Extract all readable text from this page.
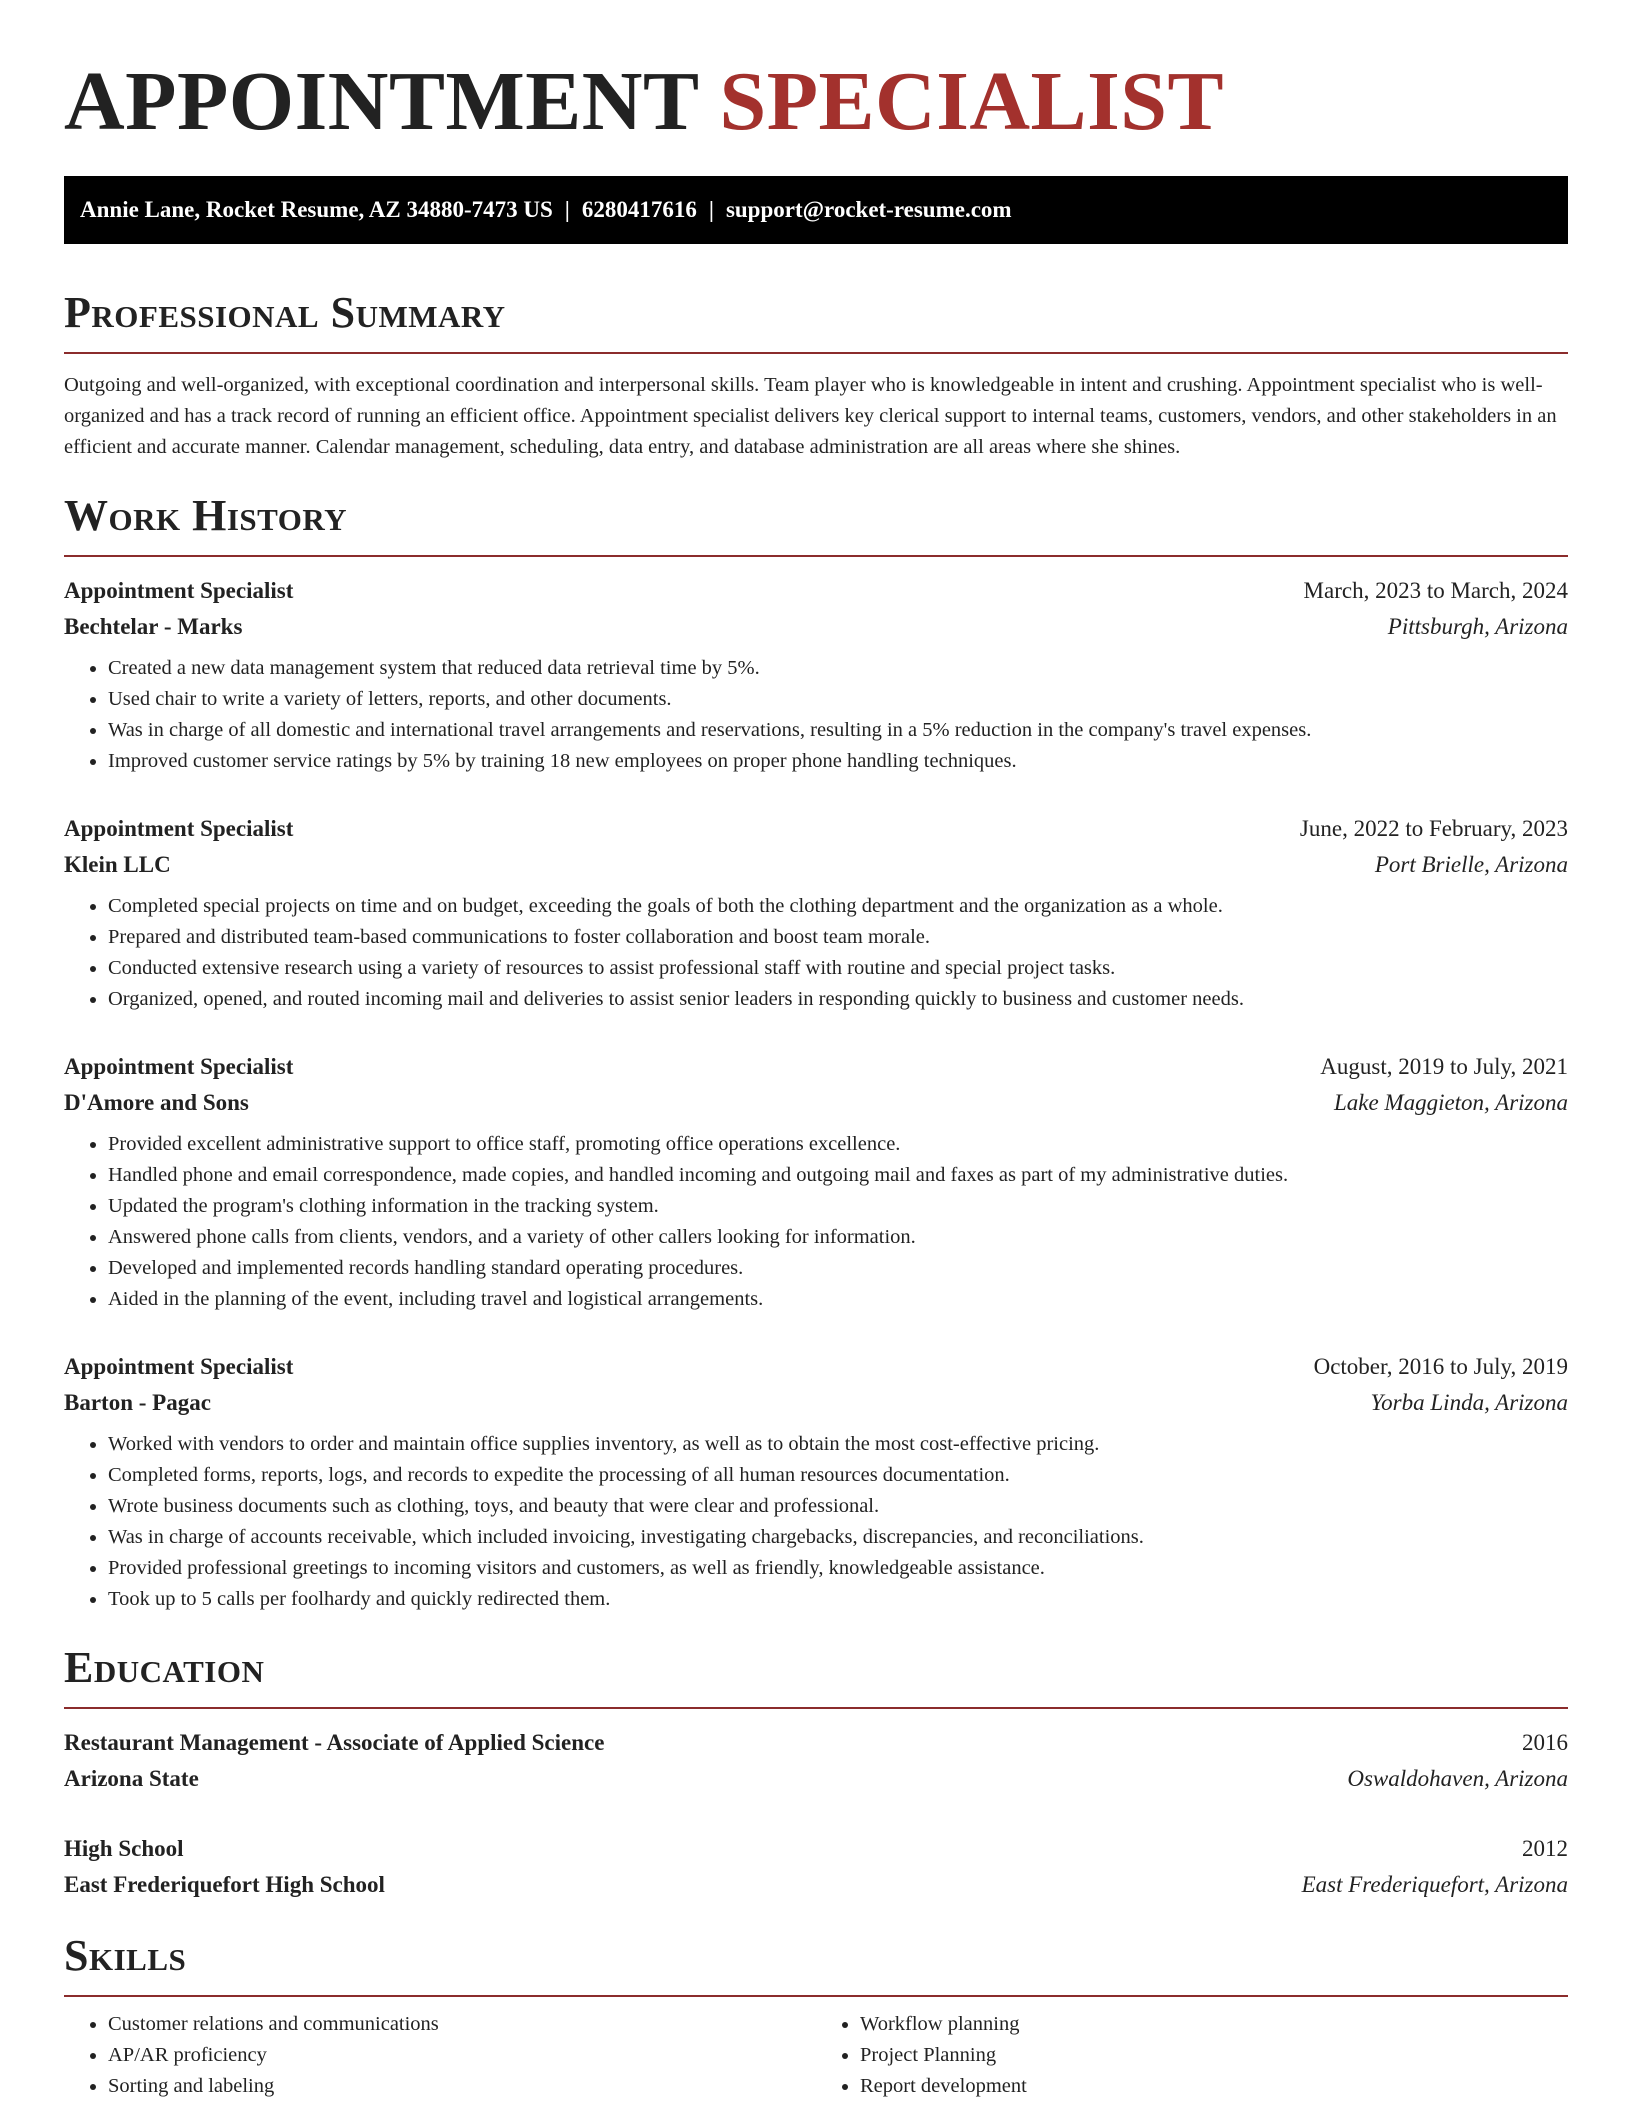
APPOINTMENT SPECIALIST
Annie Lane, Rocket Resume, AZ 34880-7473 US | 6280417616 | support@rocket-resume.com
Professional Summary

Outgoing and well-organized, with exceptional coordination and interpersonal skills. Team player who is knowledgeable in intent and crushing. Appointment specialist who is well-organized and has a track record of running an efficient office. Appointment specialist delivers key clerical support to internal teams, customers, vendors, and other stakeholders in an efficient and accurate manner. Calendar management, scheduling, data entry, and database administration are all areas where she shines.

Work History
Appointment Specialist	March, 2023 to March, 2024
Bechtelar - Marks	Pittsburgh, Arizona
• Created a new data management system that reduced data retrieval time by 5%.
• Used chair to write a variety of letters, reports, and other documents.
• Was in charge of all domestic and international travel arrangements and reservations, resulting in a 5% reduction in the company's travel expenses.
• Improved customer service ratings by 5% by training 18 new employees on proper phone handling techniques.
Appointment Specialist	June, 2022 to February, 2023
Klein LLC	Port Brielle, Arizona
• Completed special projects on time and on budget, exceeding the goals of both the clothing department and the organization as a whole.
• Prepared and distributed team-based communications to foster collaboration and boost team morale.
• Conducted extensive research using a variety of resources to assist professional staff with routine and special project tasks.
• Organized, opened, and routed incoming mail and deliveries to assist senior leaders in responding quickly to business and customer needs.
Appointment Specialist	August, 2019 to July, 2021
D'Amore and Sons	Lake Maggieton, Arizona
• Provided excellent administrative support to office staff, promoting office operations excellence.
• Handled phone and email correspondence, made copies, and handled incoming and outgoing mail and faxes as part of my administrative duties.
• Updated the program's clothing information in the tracking system.
• Answered phone calls from clients, vendors, and a variety of other callers looking for information.
• Developed and implemented records handling standard operating procedures.
• Aided in the planning of the event, including travel and logistical arrangements.
Appointment Specialist	October, 2016 to July, 2019
Barton - Pagac	Yorba Linda, Arizona
• Worked with vendors to order and maintain office supplies inventory, as well as to obtain the most cost-effective pricing.
• Completed forms, reports, logs, and records to expedite the processing of all human resources documentation.
• Wrote business documents such as clothing, toys, and beauty that were clear and professional.
• Was in charge of accounts receivable, which included invoicing, investigating chargebacks, discrepancies, and reconciliations.
• Provided professional greetings to incoming visitors and customers, as well as friendly, knowledgeable assistance.
• Took up to 5 calls per foolhardy and quickly redirected them.
Education
Restaurant Management - Associate of Applied Science	2016
Arizona State	Oswaldohaven, Arizona
High School	2012
East Frederiquefort High School	East Frederiquefort, Arizona
Skills
• Customer relations and communications
• AP/AR proficiency
• Sorting and labeling
• Workflow planning
• Project Planning
• Report development
